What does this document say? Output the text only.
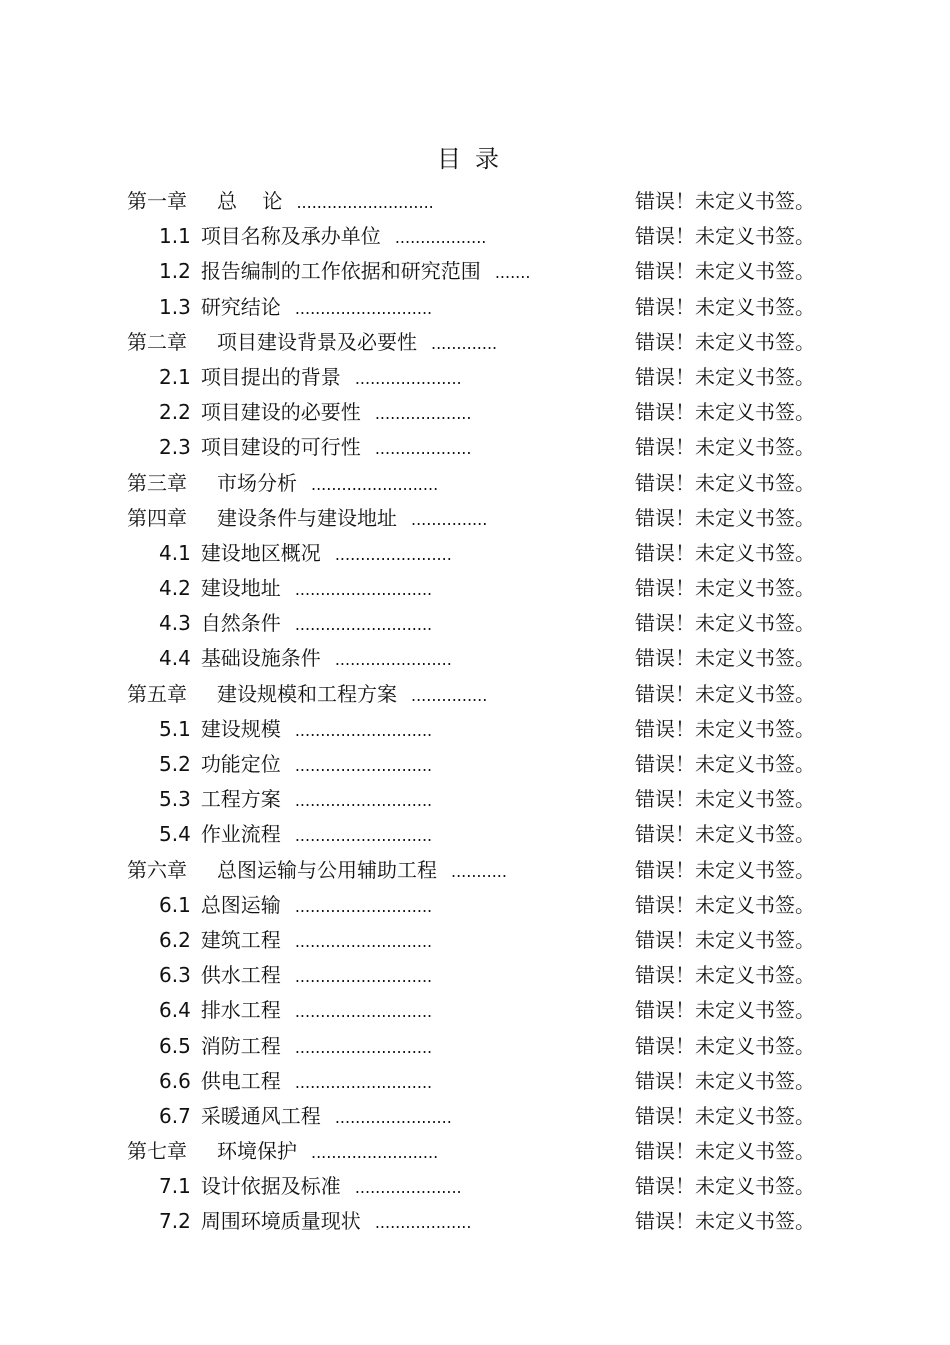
目录
第一章 总    论 ...........................	错误！未定义书签。
1.1 项目名称及承办单位 ..................	错误！未定义书签。
1.2 报告编制的工作依据和研究范围 .......	错误！未定义书签。
1.3 研究结论 ...........................	错误！未定义书签。
第二章 项目建设背景及必要性 .............	错误！未定义书签。
2.1 项目提出的背景 .....................	错误！未定义书签。
2.2 项目建设的必要性 ...................	错误！未定义书签。
2.3 项目建设的可行性 ...................	错误！未定义书签。
第三章 市场分析 .........................	错误！未定义书签。
第四章 建设条件与建设地址 ...............	错误！未定义书签。
4.1 建设地区概况 .......................	错误！未定义书签。
4.2 建设地址 ...........................	错误！未定义书签。
4.3 自然条件 ...........................	错误！未定义书签。
4.4 基础设施条件 .......................	错误！未定义书签。
第五章 建设规模和工程方案 ...............	错误！未定义书签。
5.1 建设规模 ...........................	错误！未定义书签。
5.2 功能定位 ...........................	错误！未定义书签。
5.3 工程方案 ...........................	错误！未定义书签。
5.4 作业流程 ...........................	错误！未定义书签。
第六章 总图运输与公用辅助工程 ...........	错误！未定义书签。
6.1 总图运输 ...........................	错误！未定义书签。
6.2 建筑工程 ...........................	错误！未定义书签。
6.3 供水工程 ...........................	错误！未定义书签。
6.4 排水工程 ...........................	错误！未定义书签。
6.5 消防工程 ...........................	错误！未定义书签。
6.6 供电工程 ...........................	错误！未定义书签。
6.7 采暖通风工程 .......................	错误！未定义书签。
第七章 环境保护 .........................	错误！未定义书签。
7.1 设计依据及标准 .....................	错误！未定义书签。
7.2 周围环境质量现状 ...................	错误！未定义书签。
